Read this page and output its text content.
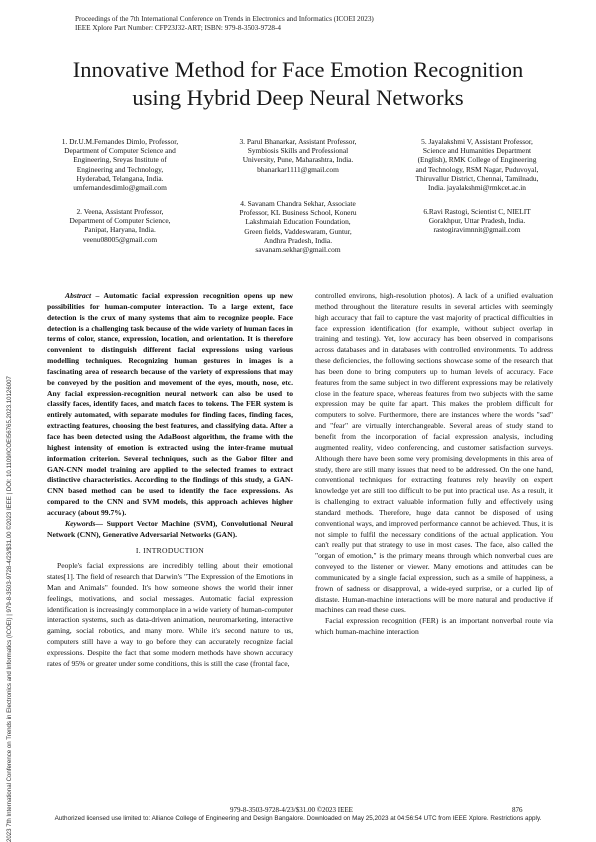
Proceedings of the 7th International Conference on Trends in Electronics and Informatics (ICOEI 2023)
IEEE Xplore Part Number: CFP23J32-ART; ISBN: 979-8-3503-9728-4
Innovative Method for Face Emotion Recognition
using Hybrid Deep Neural Networks
1. Dr.U.M.Fernandes Dimlo, Professor,
Department of Computer Science and
Engineering, Sreyas Institute of
Engineering and Technology,
Hyderabad, Telangana, India.
umfernandesdimlo@gmail.com
2. Veena, Assistant Professor,
Department of Computer Science,
Panipat, Haryana, India.
veenu08005@gmail.com
3. Parul Bhanarkar, Assistant Professor,
Symbiosis Skills and Professional
University, Pune, Maharashtra, India.
bhanarkar1111@gmail.com
4. Savanam Chandra Sekhar, Associate
Professor, KL Business School, Koneru
Lakshmaiah Education Foundation,
Green fields, Vaddeswaram, Guntur,
Andhra Pradesh, India.
savanam.sekhar@gmail.com
5. Jayalakshmi V, Assistant Professor,
Science and Humanities Department
(English), RMK College of Engineering
and Technology, RSM Nagar, Puduvoyal,
Thiruvallur District, Chennai, Tamilnadu,
India. jayalakshmi@rmkcet.ac.in
6.Ravi Rastogi, Scientist C, NIELIT
Gorakhpur, Uttar Pradesh, India.
rastogiravimnnit@gmail.com
Abstract – Automatic facial expression recognition opens up new possibilities for human-computer interaction. To a large extent, face detection is the crux of many systems that aim to recognize people. Face detection is a challenging task because of the wide variety of human faces in terms of color, stance, expression, location, and orientation. It is therefore convenient to distinguish different facial expressions using various modelling techniques. Recognizing human gestures in images is a fascinating area of research because of the variety of expressions that may be conveyed by the position and movement of the eyes, mouth, nose, etc. Any facial expression-recognition neural network can also be used to classify faces, identify faces, and match faces to tokens. The FER system is entirely automated, with separate modules for finding faces, finding faces, extracting features, choosing the best features, and classifying data. After a face has been detected using the AdaBoost algorithm, the frame with the highest intensity of emotion is extracted using the inter-frame mutual information criterion. Several techniques, such as the Gabor filter and GAN-CNN model training are applied to the selected frames to extract distinctive characteristics. According to the findings of this study, a GAN-CNN based method can be used to identify the face expressions. As compared to the CNN and SVM models, this approach achieves higher accuracy (about 99.7%).
Keywords— Support Vector Machine (SVM), Convolutional Neural Network (CNN), Generative Adversarial Networks (GAN).
I. INTRODUCTION
People's facial expressions are incredibly telling about their emotional states[1]. The field of research that Darwin's "The Expression of the Emotions in Man and Animals" founded. It's how someone shows the world their inner feelings, motivations, and social messages. Automatic facial expression identification is increasingly commonplace in a wide variety of human-computer interaction systems, such as data-driven animation, neuromarketing, interactive gaming, social robotics, and many more. While it's second nature to us, computers still have a way to go before they can accurately recognize facial expressions. Despite the fact that some modern methods have shown accuracy rates of 95% or greater under some conditions, this is still the case (frontal face,
controlled environs, high-resolution photos). A lack of a unified evaluation method throughout the literature results in several articles with seemingly high accuracy that fail to capture the vast majority of practical difficulties in face expression identification (for example, without subject overlap in training and testing). Yet, low accuracy has been observed in comparisons across databases and in databases with controlled environments. To address these deficiencies, the following sections showcase some of the research that has been done to bring computers up to human levels of accuracy. Face features from the same subject in two different expressions may be relatively close in the feature space, whereas features from two subjects with the same expression may be quite far apart. This makes the problem difficult for computers to solve. Furthermore, there are instances where the words "sad" and "fear" are virtually interchangeable. Several areas of study stand to benefit from the incorporation of facial expression analysis, including augmented reality, video conferencing, and customer satisfaction surveys. Although there have been some very promising developments in this area of study, there are still many issues that need to be addressed. On the one hand, conventional techniques for extracting features rely heavily on expert knowledge yet are still too difficult to be put into practical use. As a result, it is challenging to extract valuable information fully and effectively using standard methods. Therefore, huge data cannot be disposed of using conventional ways, and improved performance cannot be achieved. Thus, it is not simple to fulfil the necessary conditions of the actual application. You can't really put that strategy to use in most cases. The face, also called the "organ of emotion," is the primary means through which nonverbal cues are conveyed to the listener or viewer. Many emotions and attitudes can be communicated by a single facial expression, such as a smile of happiness, a frown of sadness or disapproval, a wide-eyed surprise, or a curled lip of distaste. Human-machine interactions will be more natural and productive if machines can read these cues.
Facial expression recognition (FER) is an important nonverbal route via which human-machine interaction
2023 7th International Conference on Trends in Electronics and Informatics (ICOEI) | 979-8-3503-9728-4/23/$31.00 ©2023 IEEE | DOI: 10.1109/ICOEI56765.2023.10126007	979-8-3503-9728-4/23/$31.00 ©2023 IEEE	876
Authorized licensed use limited to: Alliance College of Engineering and Design Bangalore. Downloaded on May 25,2023 at 04:56:54 UTC from IEEE Xplore. Restrictions apply.
